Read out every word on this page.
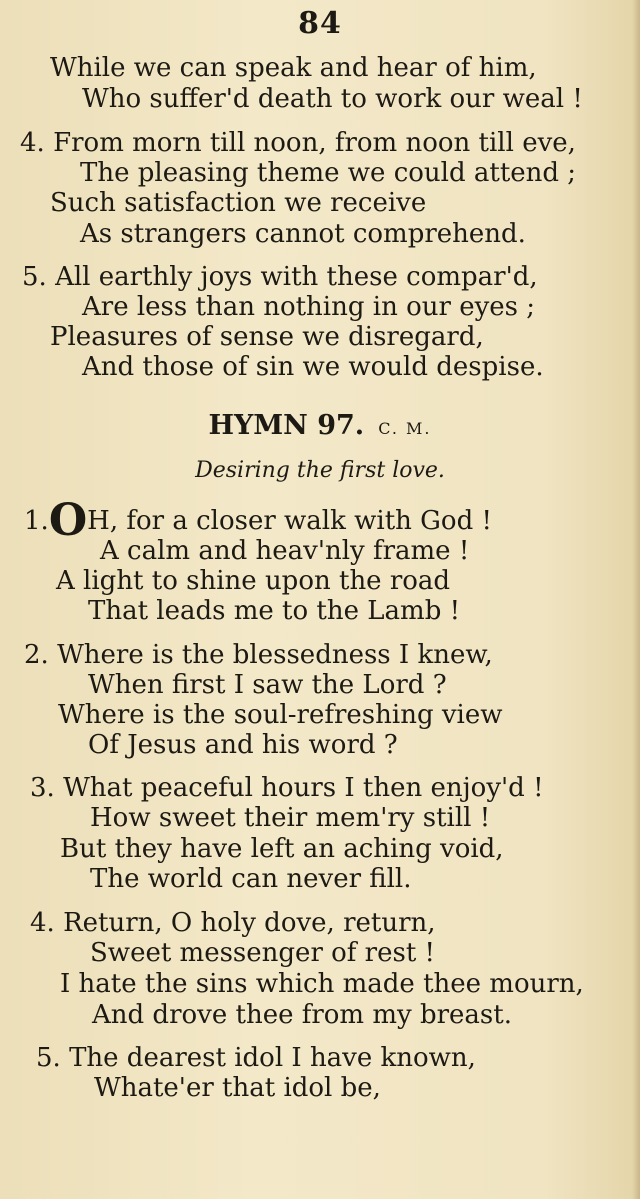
84
While we can speak and hear of him,
Who suffer'd death to work our weal !
4. From morn till noon, from noon till eve,
The pleasing theme we could attend ;
Such satisfaction we receive
As strangers cannot comprehend.
5. All earthly joys with these compar'd,
Are less than nothing in our eyes ;
Pleasures of sense we disregard,
And those of sin we would despise.
HYMN 97. C. M.
Desiring the first love.
1.OH, for a closer walk with God !
A calm and heav'nly frame !
A light to shine upon the road
That leads me to the Lamb !
2. Where is the blessedness I knew,
When first I saw the Lord ?
Where is the soul-refreshing view
Of Jesus and his word ?
3. What peaceful hours I then enjoy'd !
How sweet their mem'ry still !
But they have left an aching void,
The world can never fill.
4. Return, O holy dove, return,
Sweet messenger of rest !
I hate the sins which made thee mourn,
And drove thee from my breast.
5. The dearest idol I have known,
Whate'er that idol be,
